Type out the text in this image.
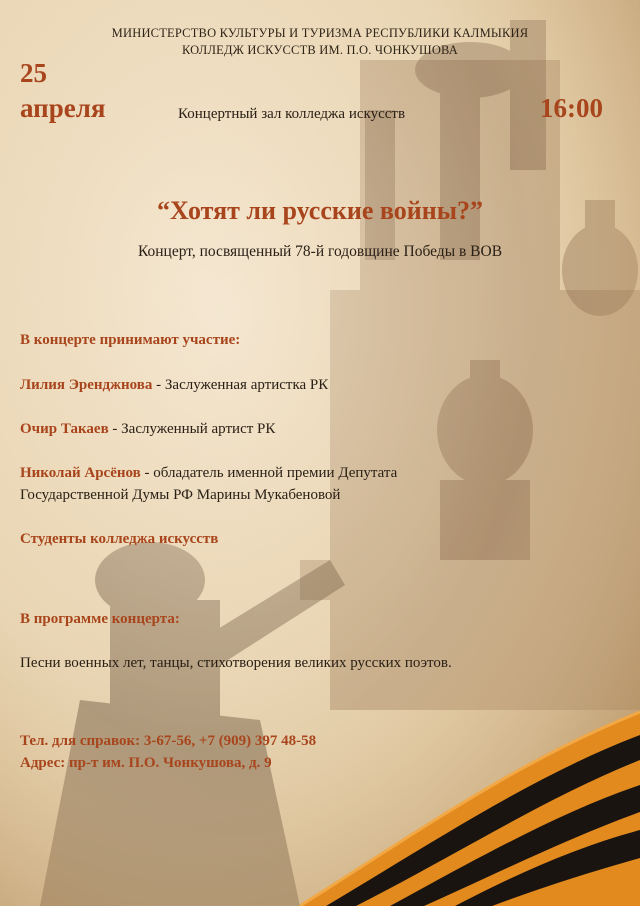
МИНИСТЕРСТВО КУЛЬТУРЫ И ТУРИЗМА РЕСПУБЛИКИ КАЛМЫКИЯ
КОЛЛЕДЖ ИСКУССТВ ИМ. П.О. ЧОНКУШОВА
25
апреля	Концертный зал колледжа искусств	16:00
“Хотят ли русские войны?”
Концерт, посвященный 78-й годовщине Победы в ВОВ
В концерте принимают участие:
Лилия Эренджнова - Заслуженная артистка РК
Очир Такаев - Заслуженный артист РК
Николай Арсёнов - обладатель именной премии Депутата
Государственной Думы РФ Марины Мукабеновой
Студенты колледжа искусств
В программе концерта:
Песни военных лет, танцы, стихотворения великих русских поэтов.
Тел. для справок: 3-67-56, +7 (909) 397 48-58
Адрес: пр-т им. П.О. Чонкушова, д. 9
